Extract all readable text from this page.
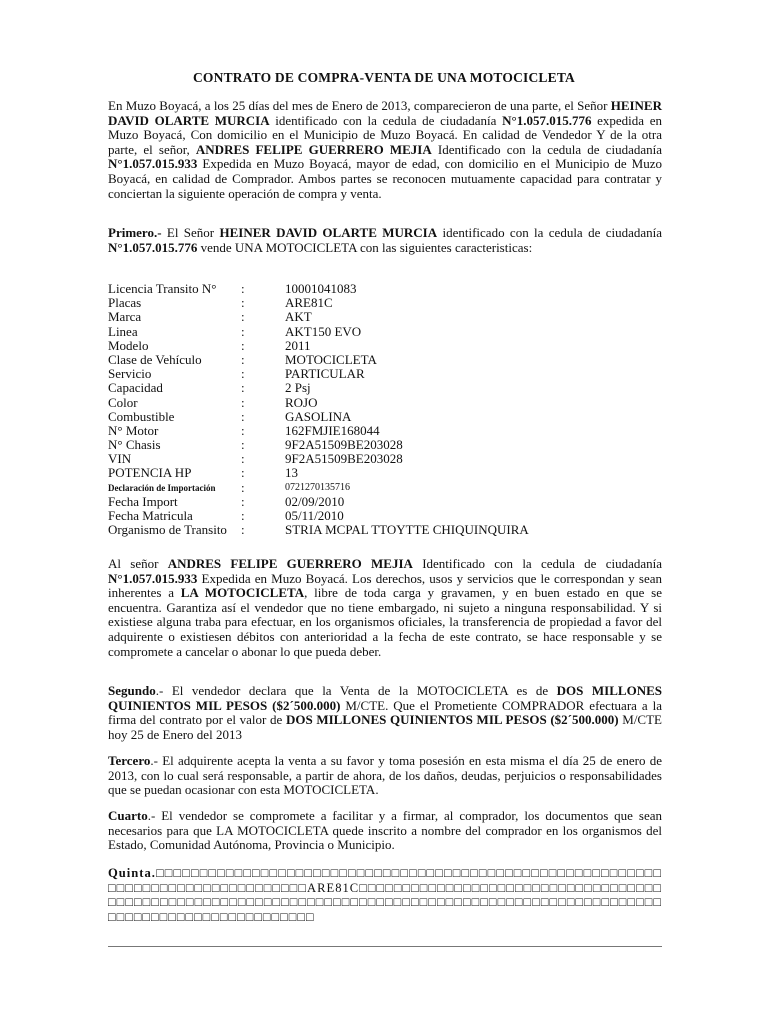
CONTRATO DE COMPRA-VENTA DE UNA MOTOCICLETA
En Muzo Boyacá, a los 25 días del mes de Enero de 2013, comparecieron de una parte, el Señor HEINER DAVID OLARTE MURCIA identificado con la cedula de ciudadanía N°1.057.015.776 expedida en Muzo Boyacá, Con domicilio en el Municipio de Muzo Boyacá. En calidad de Vendedor Y de la otra parte, el señor, ANDRES FELIPE GUERRERO MEJIA Identificado con la cedula de ciudadanía N°1.057.015.933 Expedida en Muzo Boyacá, mayor de edad, con domicilio en el Municipio de Muzo Boyacá, en calidad de Comprador. Ambos partes se reconocen mutuamente capacidad para contratar y conciertan la siguiente operación de compra y venta.
Primero.- El Señor HEINER DAVID OLARTE MURCIA identificado con la cedula de ciudadanía N°1.057.015.776 vende UNA MOTOCICLETA con las siguientes caracteristicas:
Licencia Transito N° :	10001041083
Placas	:	ARE81C
Marca	:	AKT
Linea	:	AKT150 EVO
Modelo	:	2011
Clase de Vehículo	:	MOTOCICLETA
Servicio	:	PARTICULAR
Capacidad	:	2 Psj
Color	:	ROJO
Combustible	:	GASOLINA
N° Motor	:	162FMJIE168044
N° Chasis	:	9F2A51509BE203028
VIN	:	9F2A51509BE203028
POTENCIA HP	:	13
Declaración de Importación :	0721270135716
Fecha Import	:	02/09/2010
Fecha Matricula	:	05/11/2010
Organismo de Transito :	STRIA MCPAL TTOYTTE CHIQUINQUIRA
Al señor ANDRES FELIPE GUERRERO MEJIA Identificado con la cedula de ciudadanía N°1.057.015.933 Expedida en Muzo Boyacá. Los derechos, usos y servicios que le correspondan y sean inherentes a LA MOTOCICLETA, libre de toda carga y gravamen, y en buen estado en que se encuentra. Garantiza así el vendedor que no tiene embargado, ni sujeto a ninguna responsabilidad. Y si existiese alguna traba para efectuar, en los organismos oficiales, la transferencia de propiedad a favor del adquirente o existiesen débitos con anterioridad a la fecha de este contrato, se hace responsable y se compromete a cancelar o abonar lo que pueda deber.
Segundo.- El vendedor declara que la Venta de la MOTOCICLETA es de DOS MILLONES QUINIENTOS MIL PESOS ($2´500.000) M/CTE. Que el Prometiente COMPRADOR efectuara a la firma del contrato por el valor de DOS MILLONES QUINIENTOS MIL PESOS ($2´500.000) M/CTE hoy 25 de Enero del 2013
Tercero.- El adquirente acepta la venta a su favor y toma posesión en esta misma el día 25 de enero de 2013, con lo cual será responsable, a partir de ahora, de los daños, deudas, perjuicios o responsabilidades que se puedan ocasionar con esta MOTOCICLETA.
Cuarto.- El vendedor se compromete a facilitar y a firmar, al comprador, los documentos que sean necesarios para que LA MOTOCICLETA quede inscrito a nombre del comprador en los organismos del Estado, Comunidad Autónoma, Provincia o Municipio.
Quinta.□□□□□□□□□□□□□□□□□□□□□□□□□□□□□□□□□□□□□□□□□□□□□□□□□□□□□□□□□□□□□□□□□□□□□□□□□□□□□□□□□ARE81C□□□□□□□□□□□□□□□□□□□□□□□□□□□□□□□□□□□□□□□□□□□□□□□□□□□□□□□□□□□□□□□□□□□□□□□□□□□□□□□□□□□□□□□□□□□□□□□□□□□□□□□□□□□□□□□□□□□□□□□□□□□
